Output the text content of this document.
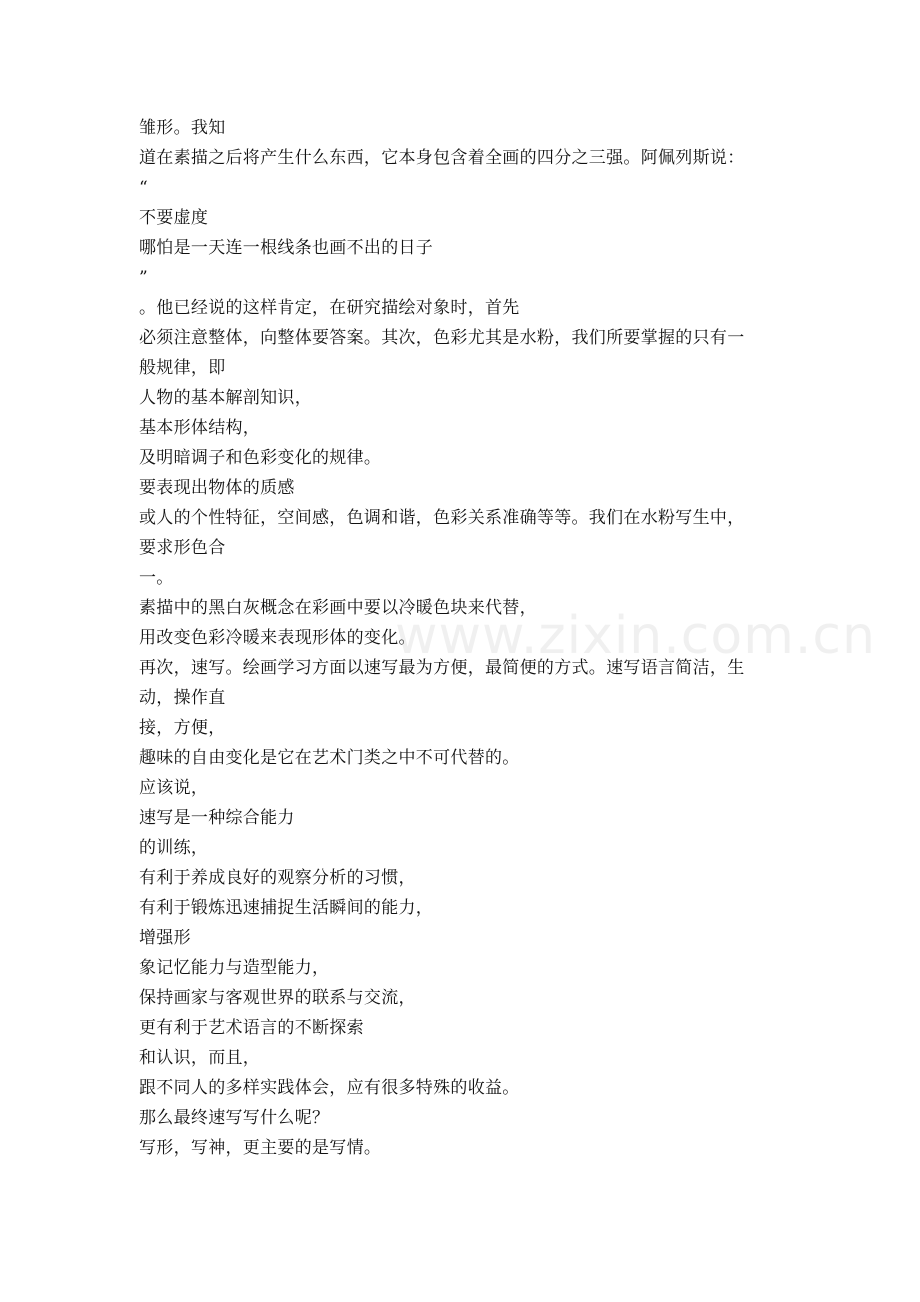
雏形。我知
道在素描之后将产生什么东西，它本身包含着全画的四分之三强。阿佩列斯说：
“
不要虚度
哪怕是一天连一根线条也画不出的日子
”
。他已经说的这样肯定，在研究描绘对象时，首先
必须注意整体，向整体要答案。其次，色彩尤其是水粉，我们所要掌握的只有一
般规律，即
人物的基本解剖知识，
基本形体结构，
及明暗调子和色彩变化的规律。
要表现出物体的质感
或人的个性特征，空间感，色调和谐，色彩关系准确等等。我们在水粉写生中，
要求形色合
一。
素描中的黑白灰概念在彩画中要以冷暖色块来代替，
用改变色彩冷暖来表现形体的变化。
再次，速写。绘画学习方面以速写最为方便，最简便的方式。速写语言简洁，生
动，操作直
接，方便，
趣味的自由变化是它在艺术门类之中不可代替的。
应该说，
速写是一种综合能力
的训练，
有利于养成良好的观察分析的习惯，
有利于锻炼迅速捕捉生活瞬间的能力，
增强形
象记忆能力与造型能力，
保持画家与客观世界的联系与交流，
更有利于艺术语言的不断探索
和认识，而且，
跟不同人的多样实践体会，应有很多特殊的收益。
那么最终速写写什么呢？
写形，写神，更主要的是写情。
www.zixin.com.cn
